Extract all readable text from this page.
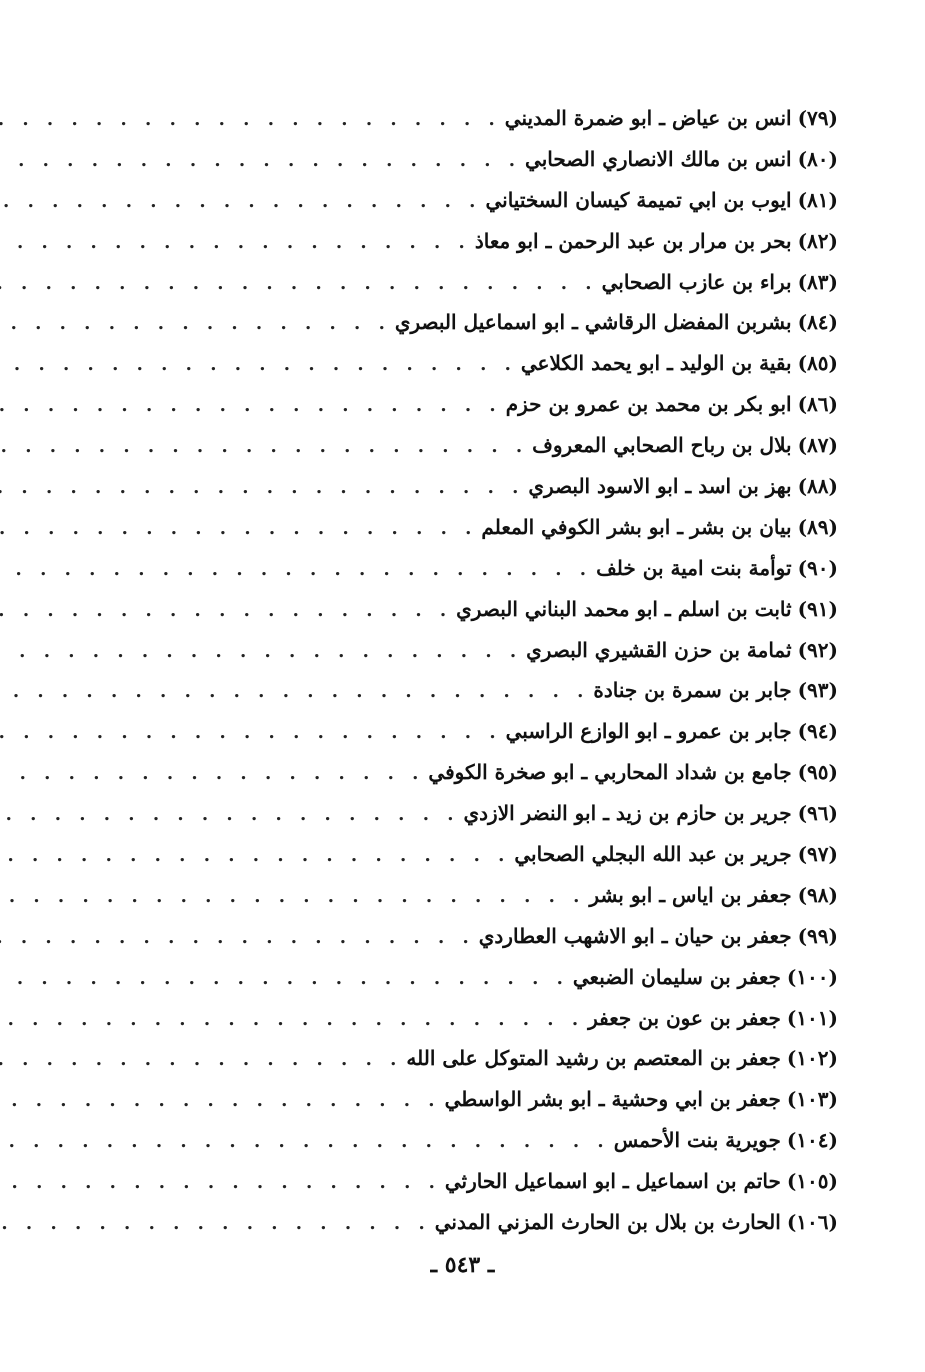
(٧٩)
انس بن عياض ـ ابو ضمرة المديني
. . .
(٨٠)
انس بن مالك الانصاري الصحابي
. . .
(٨١)
ايوب بن ابي تميمة كيسان السختياني
. . .
(٨٢)
بحر بن مرار بن عبد الرحمن ـ ابو معاذ
. . .
(٨٣)
براء بن عازب الصحابي
. . .
(٨٤)
بشربن المفضل الرقاشي ـ ابو اسماعيل البصري
. . .
(٨٥)
بقية بن الوليد ـ ابو يحمد الكلاعي
. . .
(٨٦)
ابو بكر بن محمد بن عمرو بن حزم
. . .
(٨٧)
بلال بن رباح الصحابي المعروف
. . .
(٨٨)
بهز بن اسد ـ ابو الاسود البصري
. . .
(٨٩)
بيان بن بشر ـ ابو بشر الكوفي المعلم
. . .
(٩٠)
توأمة بنت امية بن خلف
. . .
(٩١)
ثابت بن اسلم ـ ابو محمد البناني البصري
. . .
(٩٢)
ثمامة بن حزن القشيري البصري
. . .
(٩٣)
جابر بن سمرة بن جنادة
. . .
(٩٤)
جابر بن عمرو ـ ابو الوازع الراسبي
. . .
(٩٥)
جامع بن شداد المحاربي ـ ابو صخرة الكوفي
. . .
(٩٦)
جرير بن حازم بن زيد ـ ابو النضر الازدي
. . .
(٩٧)
جرير بن عبد الله البجلي الصحابي
. . .
(٩٨)
جعفر بن اياس ـ ابو بشر
. . .
(٩٩)
جعفر بن حيان ـ ابو الاشهب العطاردي
. . .
(١٠٠)
جعفر بن سليمان الضبعي
. . .
(١٠١)
جعفر بن عون بن جعفر
. . .
(١٠٢)
جعفر بن المعتصم بن رشيد المتوكل على الله
. . .
(١٠٣)
جعفر بن ابي وحشية ـ ابو بشر الواسطي
. . .
(١٠٤)
جويرية بنت الأحمس
. . .
(١٠٥)
حاتم بن اسماعيل ـ ابو اسماعيل الحارثي
. . .
(١٠٦)
الحارث بن بلال بن الحارث المزني المدني
. . .
ـ ٥٤٣ ـ
